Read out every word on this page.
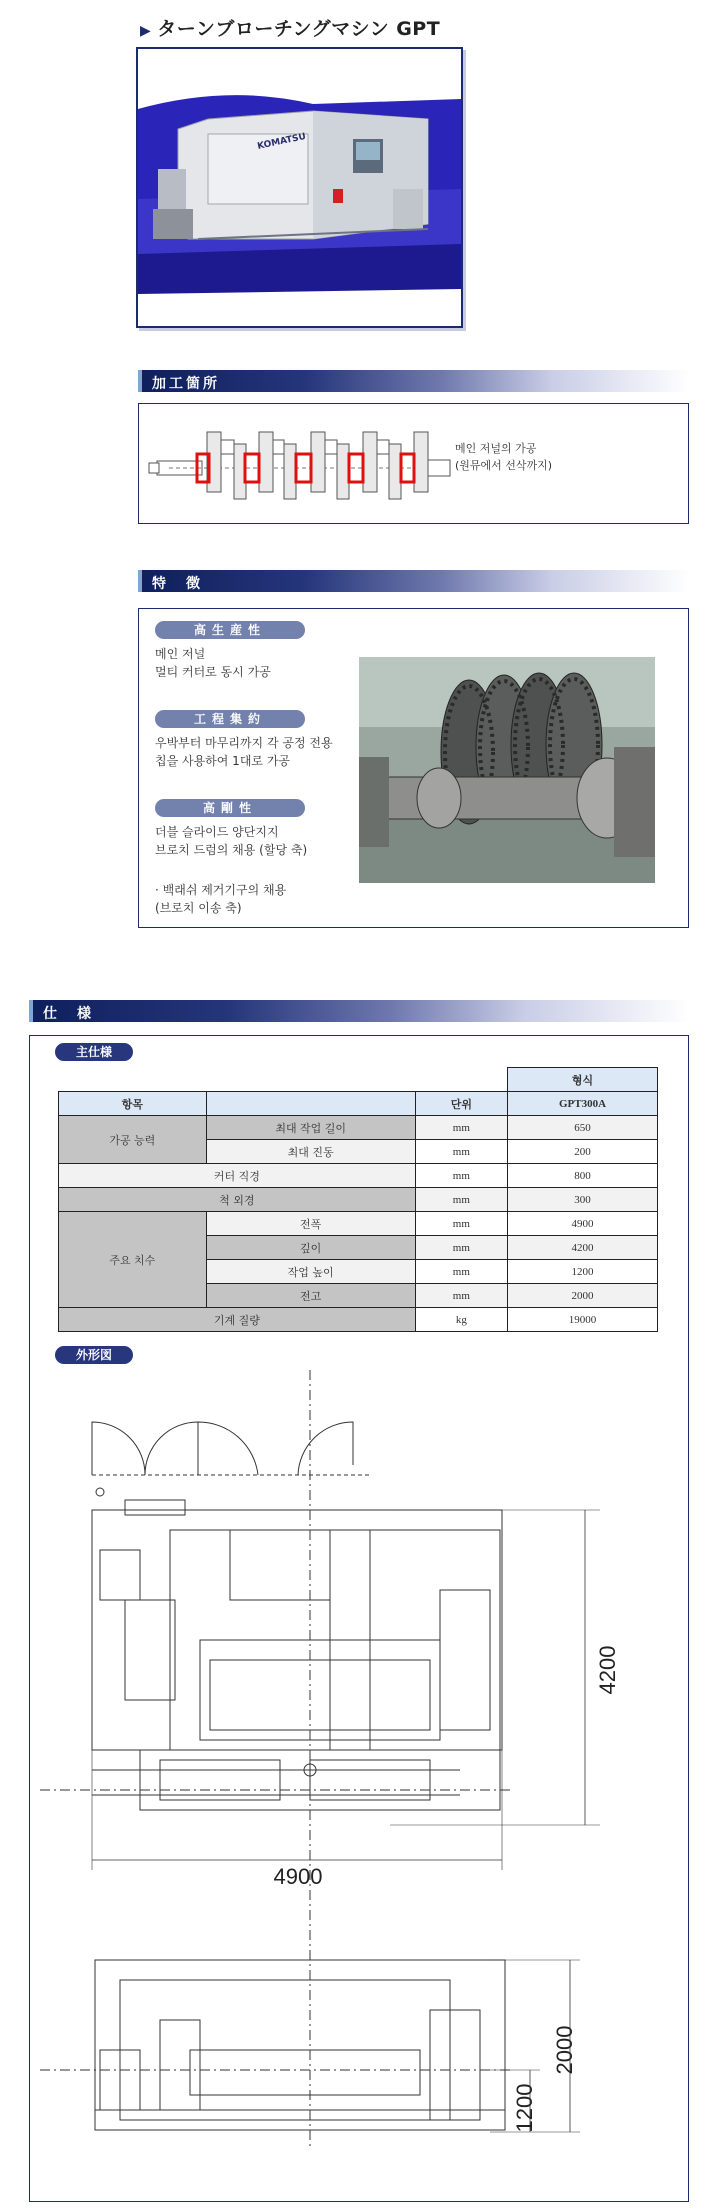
▶ ターンブローチングマシン GPT
KOMATSU
加工箇所
메인 저널의 가공
(원뮤에서 선삭까지)
特　徴
高生産性
메인 저널
멀티 커터로 동시 가공
工程集約
우박부터 마무리까지 각 공정 전용
칩을 사용하여 1대로 가공
高剛性
더블 슬라이드 양단지지
브로치 드럼의 채용 (할당 축)
· 백래쉬 제거기구의 채용
(브로치 이송 축)
仕　様
主仕様
			형식
항목		단위	GPT300A
가공 능력	최대 작업 길이	mm	650
	최대 진동	mm	200
커터 직경		mm	800
척 외경		mm	300
주요 치수	전폭	mm	4900
	깊이	mm	4200
	작업 높이	mm	1200
	전고	mm	2000
기계 질량		kg	19000
外形図
4200
4900
1200
2000
